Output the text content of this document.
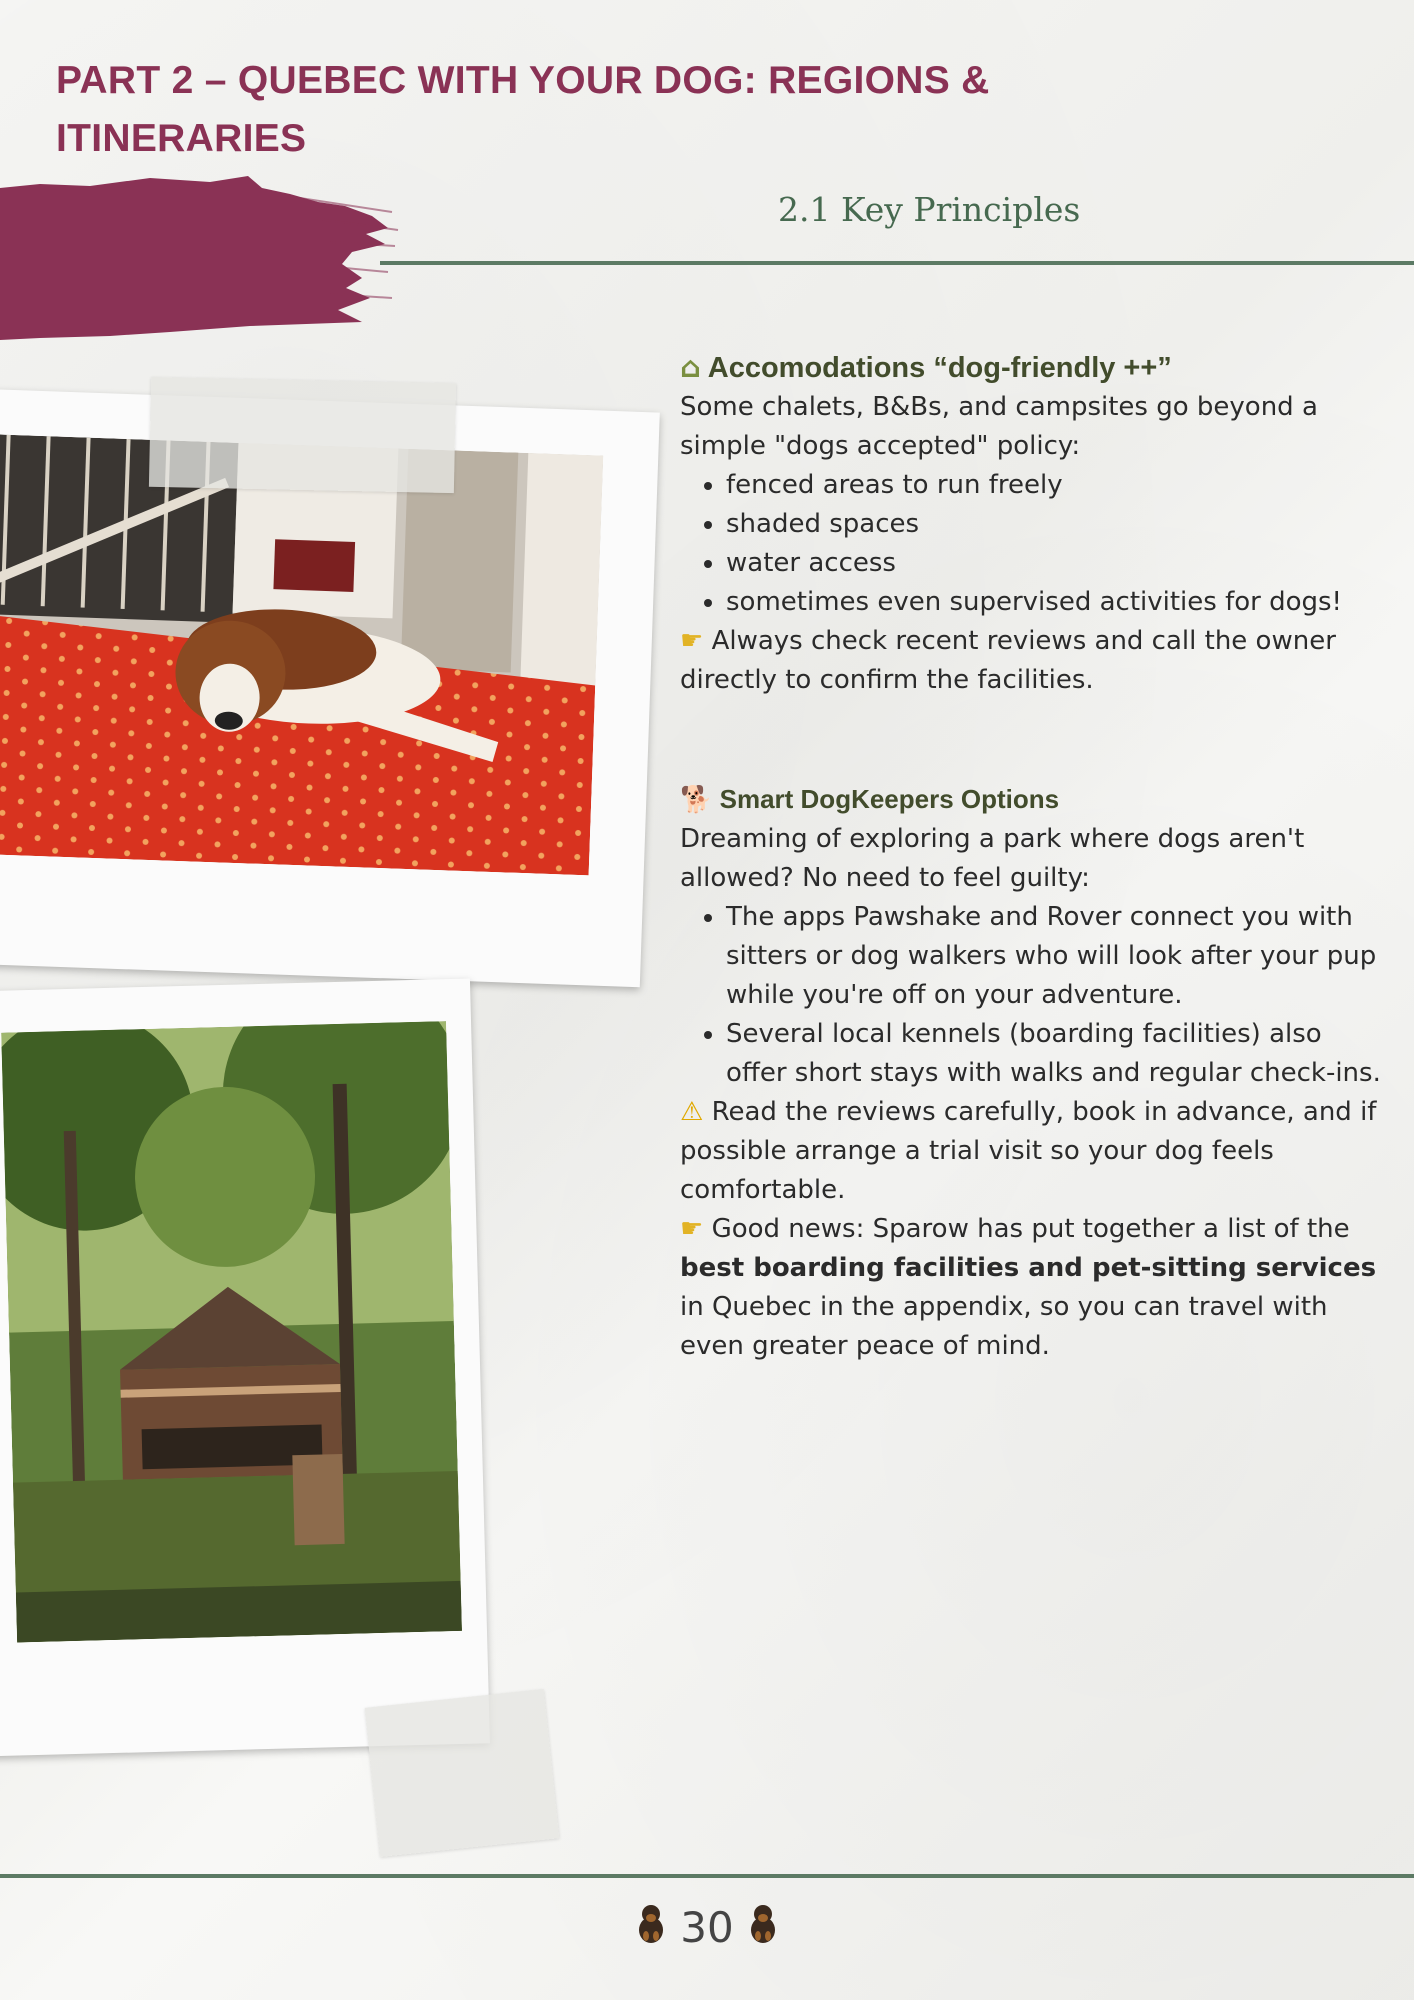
PART 2 – QUEBEC WITH YOUR DOG: REGIONS & ITINERARIES
2.1 Key Principles
⌂ Accomodations “dog-friendly ++”

Some chalets, B&Bs, and campsites go beyond a simple "dogs accepted" policy:

• fenced areas to run freely
• shaded spaces
• water access
• sometimes even supervised activities for dogs!

☛ Always check recent reviews and call the owner directly to confirm the facilities.

🐕 Smart DogKeepers Options

Dreaming of exploring a park where dogs aren't allowed? No need to feel guilty:

• The apps Pawshake and Rover connect you with sitters or dog walkers who will look after your pup while you're off on your adventure.
• Several local kennels (boarding facilities) also offer short stays with walks and regular check-ins.

⚠ Read the reviews carefully, book in advance, and if possible arrange a trial visit so your dog feels comfortable.

☛ Good news: Sparow has put together a list of the best boarding facilities and pet-sitting services in Quebec in the appendix, so you can travel with even greater peace of mind.

30
